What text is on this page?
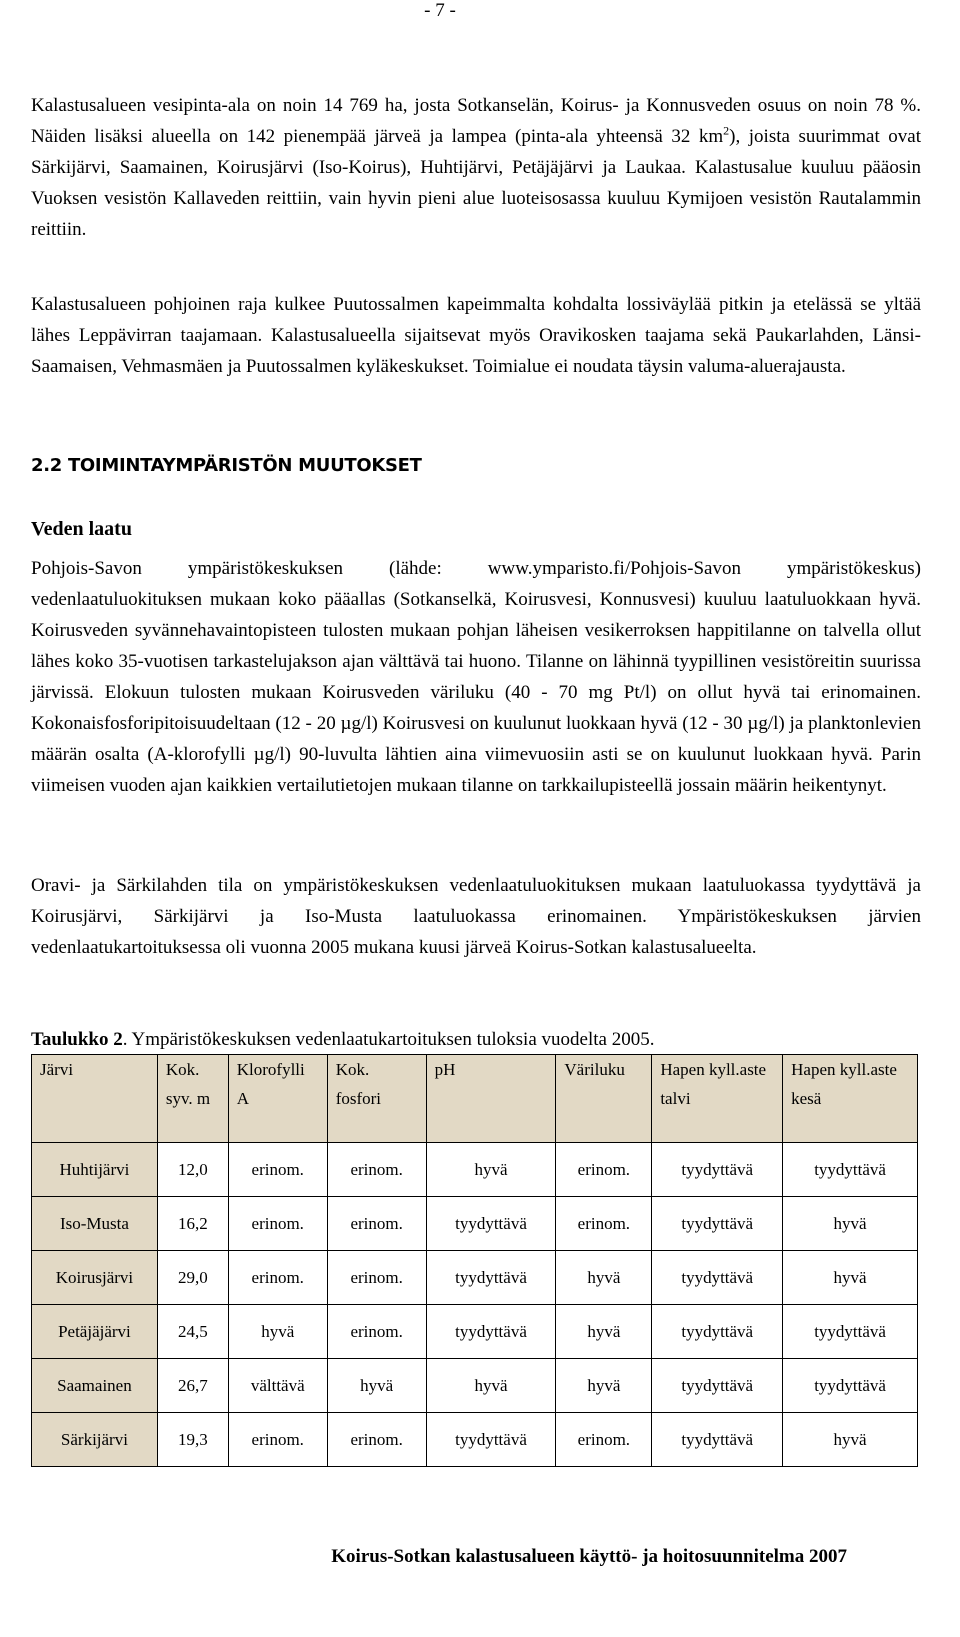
- 7 -

Kalastusalueen vesipinta-ala on noin 14 769 ha, josta Sotkanselän, Koirus- ja Konnusveden osuus on noin 78 %. Näiden lisäksi alueella on 142 pienempää järveä ja lampea (pinta-ala yhteensä 32 $km^2$), joista suurimmat ovat Särkijärvi, Saamainen, Koirusjärvi (Iso-Koirus), Huhtijärvi, Petäjäjärvi ja Laukaa. Kalastusalue kuuluu pääosin Vuoksen vesistön Kallaveden reittiin, vain hyvin pieni alue luoteisosassa kuuluu Kymijoen vesistön Rautalammin reittiin.

Kalastusalueen pohjoinen raja kulkee Puutossalmen kapeimmalta kohdalta lossiväylää pitkin ja etelässä se yltää lähes Leppävirran taajamaan. Kalastusalueella sijaitsevat myös Oravikosken taajama sekä Paukarlahden, Länsi-Saamaisen, Vehmasmäen ja Puutossalmen kyläkeskukset. Toimialue ei noudata täysin valuma-aluerajausta.

2.2 TOIMINTAYMPÄRISTÖN MUUTOKSET
Veden laatu

Pohjois-Savon ympäristökeskuksen (lähde: www.ymparisto.fi/Pohjois-Savon ympäristökeskus) vedenlaatuluokituksen mukaan koko pääallas (Sotkanselkä, Koirusvesi, Konnusvesi) kuuluu laatuluokkaan hyvä. Koirusveden syvännehavaintopisteen tulosten mukaan pohjan läheisen vesikerroksen happitilanne on talvella ollut lähes koko 35-vuotisen tarkastelujakson ajan välttävä tai huono. Tilanne on lähinnä tyypillinen vesistöreitin suurissa järvissä. Elokuun tulosten mukaan Koirusveden väriluku (40 - 70 mg Pt/l) on ollut hyvä tai erinomainen. Kokonaisfosforipitoisuudeltaan (12 - 20 µg/l) Koirusvesi on kuulunut luokkaan hyvä (12 - 30 µg/l) ja planktonlevien määrän osalta (A-klorofylli µg/l) 90-luvulta lähtien aina viimevuosiin asti se on kuulunut luokkaan hyvä. Parin viimeisen vuoden ajan kaikkien vertailutietojen mukaan tilanne on tarkkailupisteellä jossain määrin heikentynyt.

Oravi- ja Särkilahden tila on ympäristökeskuksen vedenlaatuluokituksen mukaan laatuluokassa tyydyttävä ja Koirusjärvi, Särkijärvi ja Iso-Musta laatuluokassa erinomainen. Ympäristökeskuksen järvien vedenlaatukartoituksessa oli vuonna 2005 mukana kuusi järveä Koirus-Sotkan kalastusalueelta.

Taulukko 2. Ympäristökeskuksen vedenlaatukartoituksen tuloksia vuodelta 2005.

Järvi	Kok. syv. m	Klorofylli A	Kok. fosfori	pH	Väriluku	Hapen kyll.aste talvi	Hapen kyll.aste kesä
Huhtijärvi	12,0	erinom.	erinom.	hyvä	erinom.	tyydyttävä	tyydyttävä
Iso-Musta	16,2	erinom.	erinom.	tyydyttävä	erinom.	tyydyttävä	hyvä
Koirusjärvi	29,0	erinom.	erinom.	tyydyttävä	hyvä	tyydyttävä	hyvä
Petäjäjärvi	24,5	hyvä	erinom.	tyydyttävä	hyvä	tyydyttävä	tyydyttävä
Saamainen	26,7	välttävä	hyvä	hyvä	hyvä	tyydyttävä	tyydyttävä
Särkijärvi	19,3	erinom.	erinom.	tyydyttävä	erinom.	tyydyttävä	hyvä
Koirus-Sotkan kalastusalueen käyttö- ja hoitosuunnitelma 2007
